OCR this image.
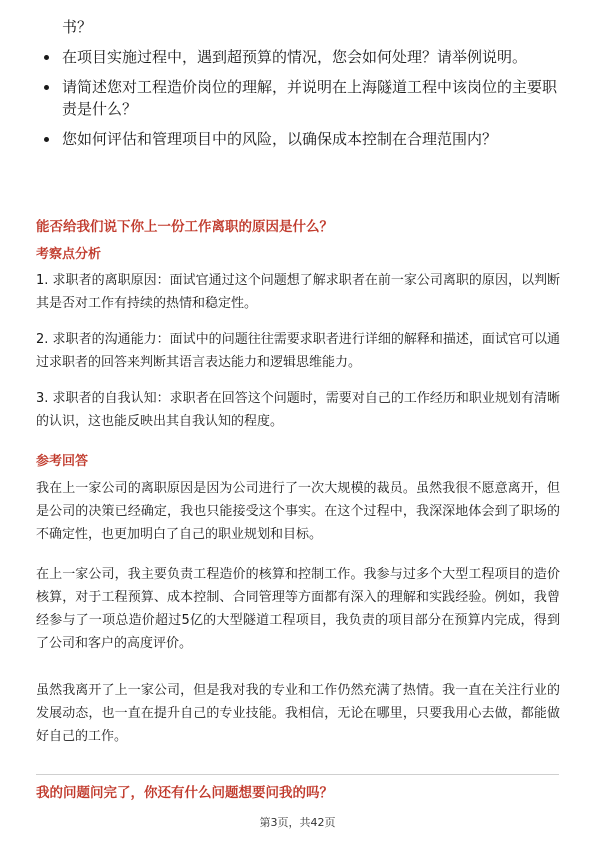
书？
在项目实施过程中，遇到超预算的情况，您会如何处理？请举例说明。
请简述您对工程造价岗位的理解，并说明在上海隧道工程中该岗位的主要职责是什么？
您如何评估和管理项目中的风险，以确保成本控制在合理范围内？

能否给我们说下你上一份工作离职的原因是什么？

考察点分析

1. 求职者的离职原因：面试官通过这个问题想了解求职者在前一家公司离职的原因，以判断其是否对工作有持续的热情和稳定性。

2. 求职者的沟通能力：面试中的问题往往需要求职者进行详细的解释和描述，面试官可以通过求职者的回答来判断其语言表达能力和逻辑思维能力。

3. 求职者的自我认知：求职者在回答这个问题时，需要对自己的工作经历和职业规划有清晰的认识，这也能反映出其自我认知的程度。

参考回答

我在上一家公司的离职原因是因为公司进行了一次大规模的裁员。虽然我很不愿意离开，但是公司的决策已经确定，我也只能接受这个事实。在这个过程中，我深深地体会到了职场的不确定性，也更加明白了自己的职业规划和目标。

在上一家公司，我主要负责工程造价的核算和控制工作。我参与过多个大型工程项目的造价核算，对于工程预算、成本控制、合同管理等方面都有深入的理解和实践经验。例如，我曾经参与了一项总造价超过5亿的大型隧道工程项目，我负责的项目部分在预算内完成，得到了公司和客户的高度评价。

虽然我离开了上一家公司，但是我对我的专业和工作仍然充满了热情。我一直在关注行业的发展动态，也一直在提升自己的专业技能。我相信，无论在哪里，只要我用心去做，都能做好自己的工作。

我的问题问完了，你还有什么问题想要问我的吗？

第3页，共42页
